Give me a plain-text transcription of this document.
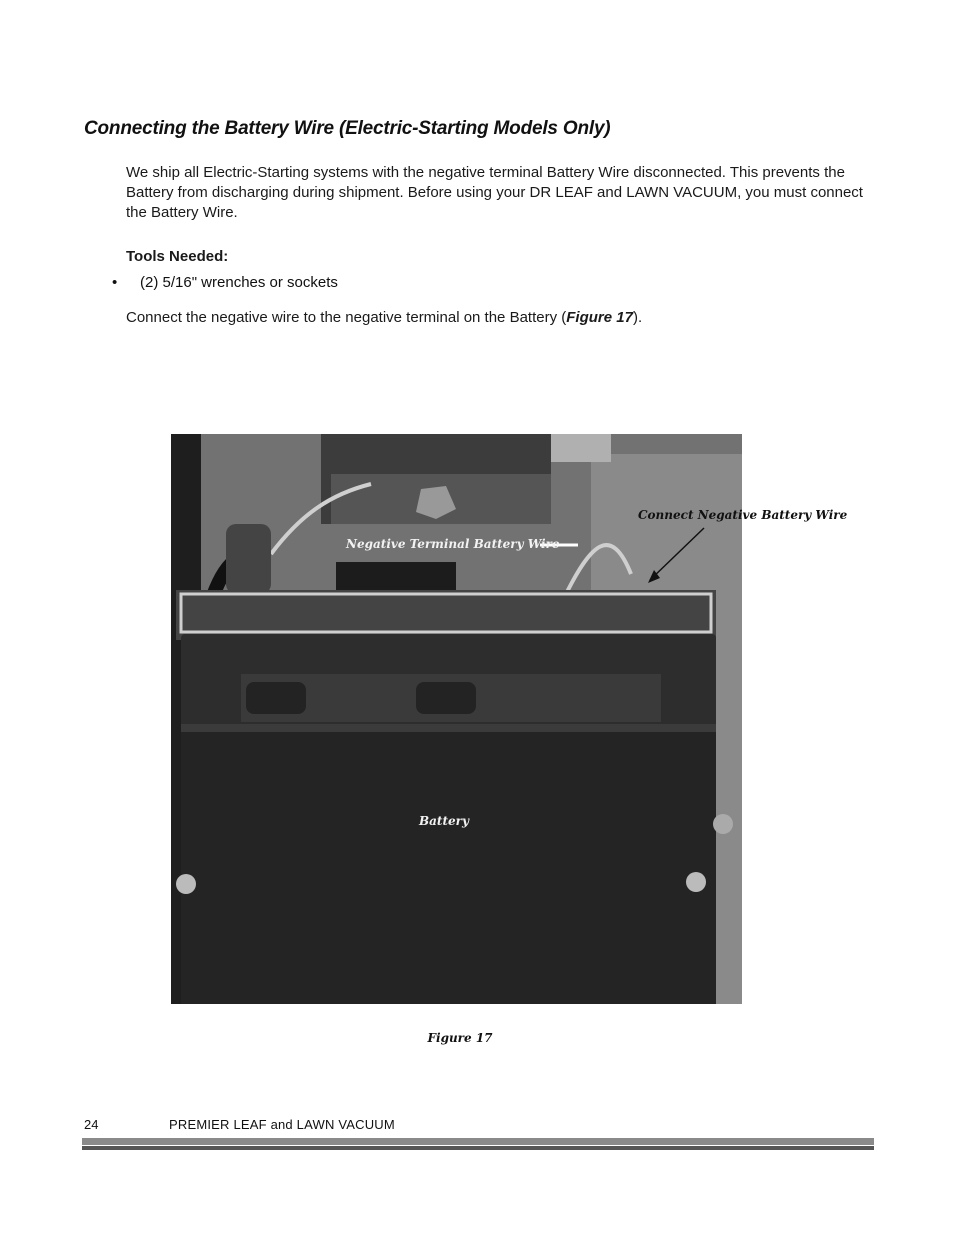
Connecting the Battery Wire (Electric-Starting Models Only)
We ship all Electric-Starting systems with the negative terminal Battery Wire disconnected. This prevents the Battery from discharging during shipment. Before using your DR LEAF and LAWN VACUUM, you must connect the Battery Wire.
Tools Needed:
• (2) 5/16" wrenches or sockets
Connect the negative wire to the negative terminal on the Battery (Figure 17).
Negative Terminal Battery Wire
Connect Negative Battery Wire
Battery
Figure 17
24	PREMIER LEAF and LAWN VACUUM
